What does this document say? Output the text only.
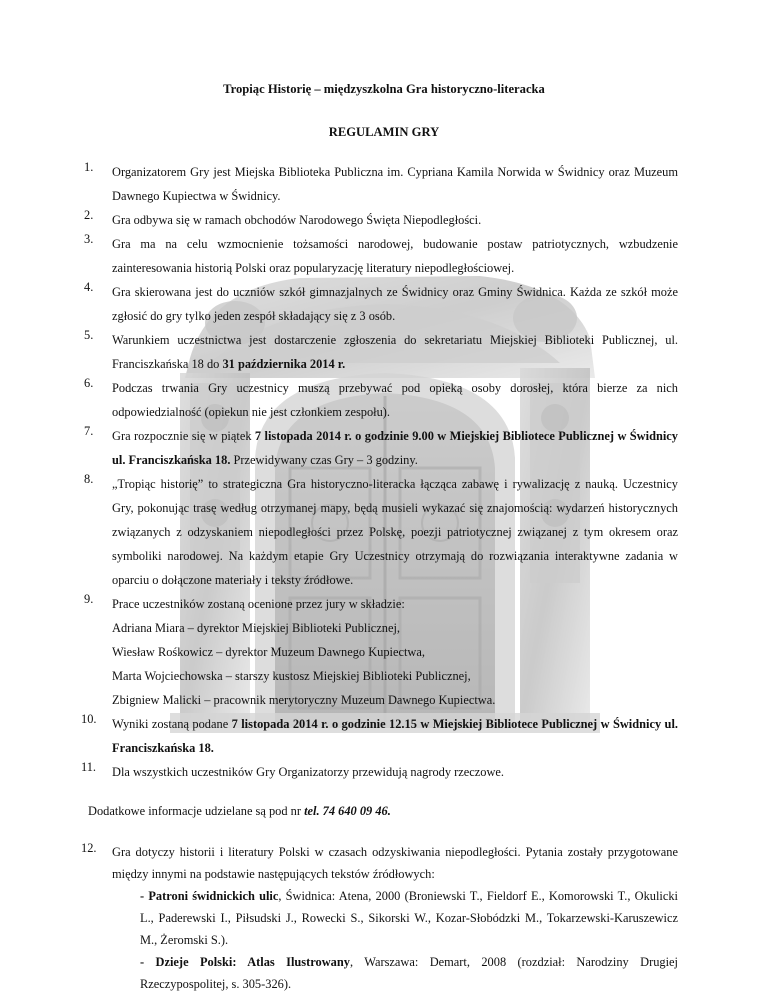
Tropiąc Historię – międzyszkolna Gra historyczno-literacka
REGULAMIN GRY
1.	Organizatorem Gry jest Miejska Biblioteka Publiczna im. Cypriana Kamila Norwida w Świdnicy oraz Muzeum Dawnego Kupiectwa w Świdnicy.
2.	Gra odbywa się w ramach obchodów Narodowego Święta Niepodległości.
3.	Gra ma na celu wzmocnienie tożsamości narodowej, budowanie postaw patriotycznych, wzbudzenie zainteresowania historią Polski oraz popularyzację literatury niepodległościowej.
4.	Gra skierowana jest do uczniów szkół gimnazjalnych ze Świdnicy oraz Gminy Świdnica. Każda ze szkół może zgłosić do gry tylko jeden zespół składający się z 3 osób.
5.	Warunkiem uczestnictwa jest dostarczenie zgłoszenia do sekretariatu Miejskiej Biblioteki Publicznej, ul. Franciszkańska 18 do 31 października 2014 r.
6.	Podczas trwania Gry uczestnicy muszą przebywać pod opieką osoby dorosłej, która bierze za nich odpowiedzialność (opiekun nie jest członkiem zespołu).
7.	Gra rozpocznie się w piątek 7 listopada 2014 r. o godzinie 9.00 w Miejskiej Bibliotece Publicznej w Świdnicy ul. Franciszkańska 18. Przewidywany czas Gry – 3 godziny.
8.	„Tropiąc historię” to strategiczna Gra historyczno-literacka łącząca zabawę i rywalizację z nauką. Uczestnicy Gry, pokonując trasę według otrzymanej mapy, będą musieli wykazać się znajomością: wydarzeń historycznych związanych z odzyskaniem niepodległości przez Polskę, poezji patriotycznej związanej z tym okresem oraz symboliki narodowej. Na każdym etapie Gry Uczestnicy otrzymają do rozwiązania interaktywne zadania w oparciu o dołączone materiały i teksty źródłowe.
9.	Prace uczestników zostaną ocenione przez jury w składzie:
Adriana Miara – dyrektor Miejskiej Biblioteki Publicznej,
Wiesław Rośkowicz – dyrektor Muzeum Dawnego Kupiectwa,
Marta Wojciechowska – starszy kustosz Miejskiej Biblioteki Publicznej,
Zbigniew Malicki – pracownik merytoryczny Muzeum Dawnego Kupiectwa.
10.	Wyniki zostaną podane 7 listopada 2014 r. o godzinie 12.15 w Miejskiej Bibliotece Publicznej w Świdnicy ul. Franciszkańska 18.
11.	Dla wszystkich uczestników Gry Organizatorzy przewidują nagrody rzeczowe.
Dodatkowe informacje udzielane są pod nr tel. 74 640 09 46.
12.	Gra dotyczy historii i literatury Polski w czasach odzyskiwania niepodległości. Pytania zostały przygotowane między innymi na podstawie następujących tekstów źródłowych:
- Patroni świdnickich ulic, Świdnica: Atena, 2000 (Broniewski T., Fieldorf E., Komorowski T., Okulicki L., Paderewski I., Piłsudski J., Rowecki S., Sikorski W., Kozar-Słobódzki M., Tokarzewski-Karuszewicz M., Żeromski S.).
- Dzieje Polski: Atlas Ilustrowany, Warszawa: Demart, 2008 (rozdział: Narodziny Drugiej Rzeczypospolitej, s. 305-326).
